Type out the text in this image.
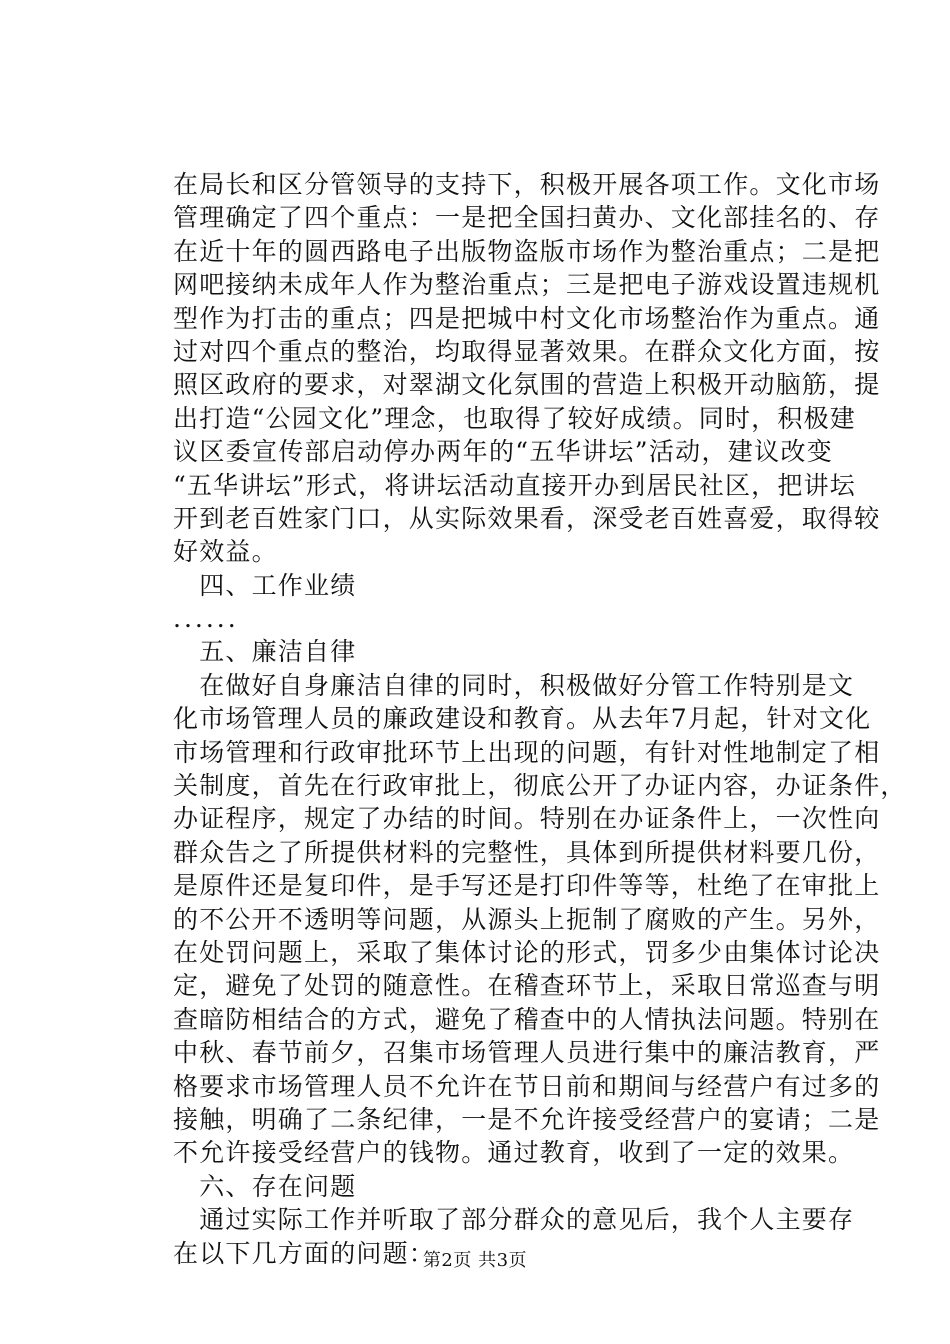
在局长和区分管领导的支持下，积极开展各项工作。文化市场
管理确定了四个重点：一是把全国扫黄办、文化部挂名的、存
在近十年的圆西路电子出版物盗版市场作为整治重点；二是把
网吧接纳未成年人作为整治重点；三是把电子游戏设置违规机
型作为打击的重点；四是把城中村文化市场整治作为重点。通
过对四个重点的整治，均取得显著效果。在群众文化方面，按
照区政府的要求，对翠湖文化氛围的营造上积极开动脑筋，提
出打造“公园文化”理念，也取得了较好成绩。同时，积极建
议区委宣传部启动停办两年的“五华讲坛”活动，建议改变
“五华讲坛”形式，将讲坛活动直接开办到居民社区，把讲坛
开到老百姓家门口，从实际效果看，深受老百姓喜爱，取得较
好效益。
　四、工作业绩
......
　五、廉洁自律
　在做好自身廉洁自律的同时，积极做好分管工作特别是文
化市场管理人员的廉政建设和教育。从去年7月起，针对文化
市场管理和行政审批环节上出现的问题，有针对性地制定了相
关制度，首先在行政审批上，彻底公开了办证内容，办证条件，
办证程序，规定了办结的时间。特别在办证条件上，一次性向
群众告之了所提供材料的完整性，具体到所提供材料要几份，
是原件还是复印件，是手写还是打印件等等，杜绝了在审批上
的不公开不透明等问题，从源头上扼制了腐败的产生。另外，
在处罚问题上，采取了集体讨论的形式，罚多少由集体讨论决
定，避免了处罚的随意性。在稽查环节上，采取日常巡查与明
查暗防相结合的方式，避免了稽查中的人情执法问题。特别在
中秋、春节前夕，召集市场管理人员进行集中的廉洁教育，严
格要求市场管理人员不允许在节日前和期间与经营户有过多的
接触，明确了二条纪律，一是不允许接受经营户的宴请；二是
不允许接受经营户的钱物。通过教育，收到了一定的效果。
　六、存在问题
　通过实际工作并听取了部分群众的意见后，我个人主要存
在以下几方面的问题：
第2页 共3页
